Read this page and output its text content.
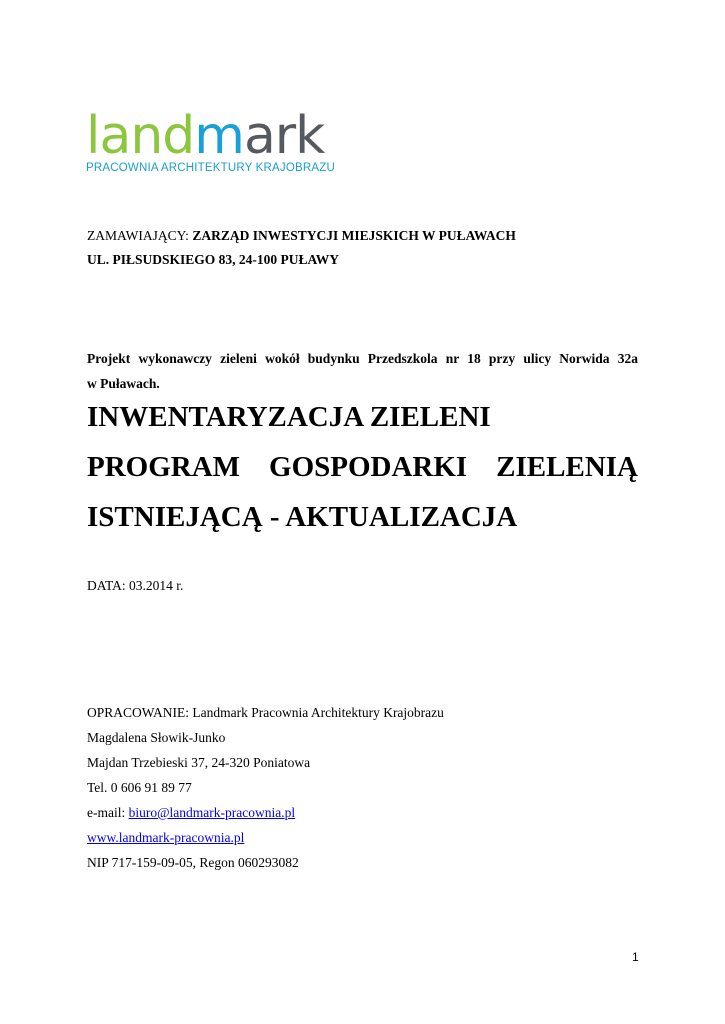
landmark
PRACOWNIA ARCHITEKTURY KRAJOBRAZU
ZAMAWIAJĄCY: ZARZĄD INWESTYCJI MIEJSKICH W PUŁAWACH
UL. PIŁSUDSKIEGO 83, 24-100 PUŁAWY
Projekt wykonawczy zieleni wokół budynku Przedszkola nr 18 przy ulicy Norwida 32a
w Puławach.
INWENTARYZACJA ZIELENI
PROGRAM GOSPODARKI ZIELENIĄ
ISTNIEJĄCĄ - AKTUALIZACJA
DATA: 03.2014 r.
OPRACOWANIE: Landmark Pracownia Architektury Krajobrazu
Magdalena Słowik-Junko
Majdan Trzebieski 37, 24-320 Poniatowa
Tel. 0 606 91 89 77
e-mail: biuro@landmark-pracownia.pl
www.landmark-pracownia.pl
NIP 717-159-09-05, Regon 060293082
1
